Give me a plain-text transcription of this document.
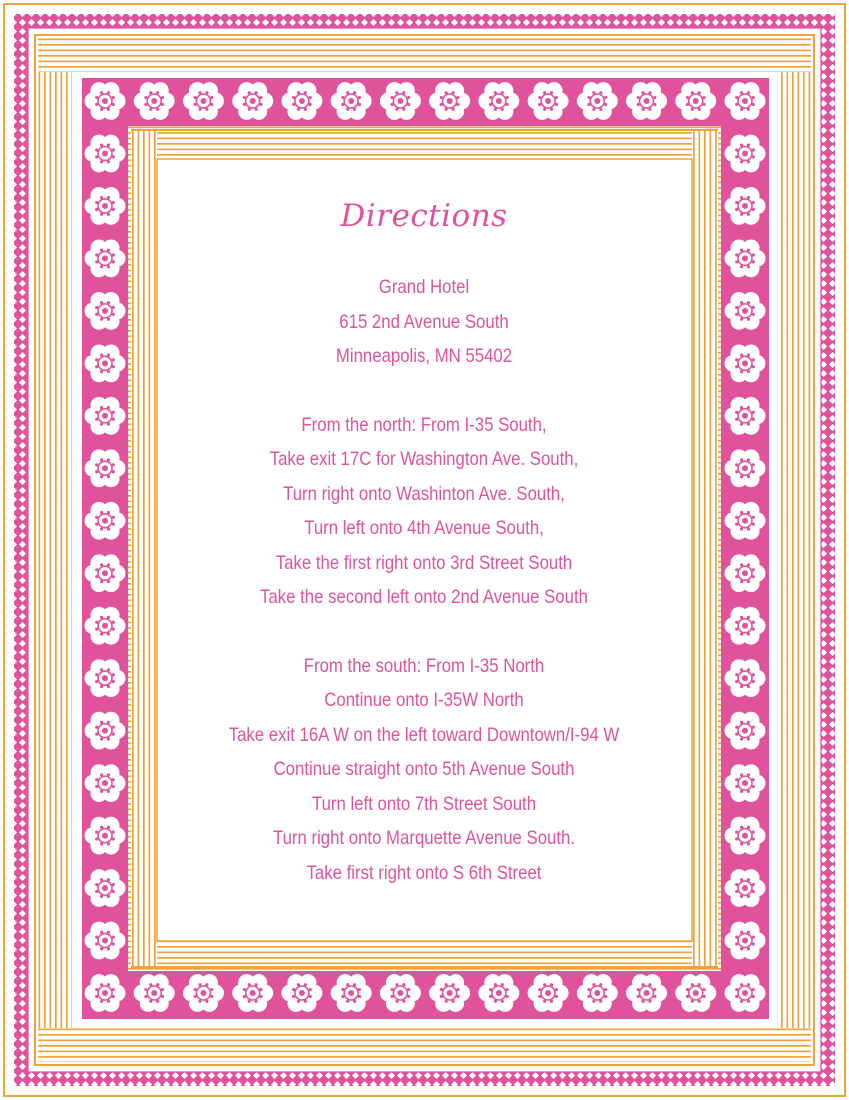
Directions
Grand Hotel
615 2nd Avenue South
Minneapolis, MN 55402
From the north: From I-35 South,
Take exit 17C for Washington Ave. South,
Turn right onto Washinton Ave. South,
Turn left onto 4th Avenue South,
Take the first right onto 3rd Street South
Take the second left onto 2nd Avenue South
From the south: From I-35 North
Continue onto I-35W North
Take exit 16A W on the left toward Downtown/I-94 W
Continue straight onto 5th Avenue South
Turn left onto 7th Street South
Turn right onto Marquette Avenue South.
Take first right onto S 6th Street
